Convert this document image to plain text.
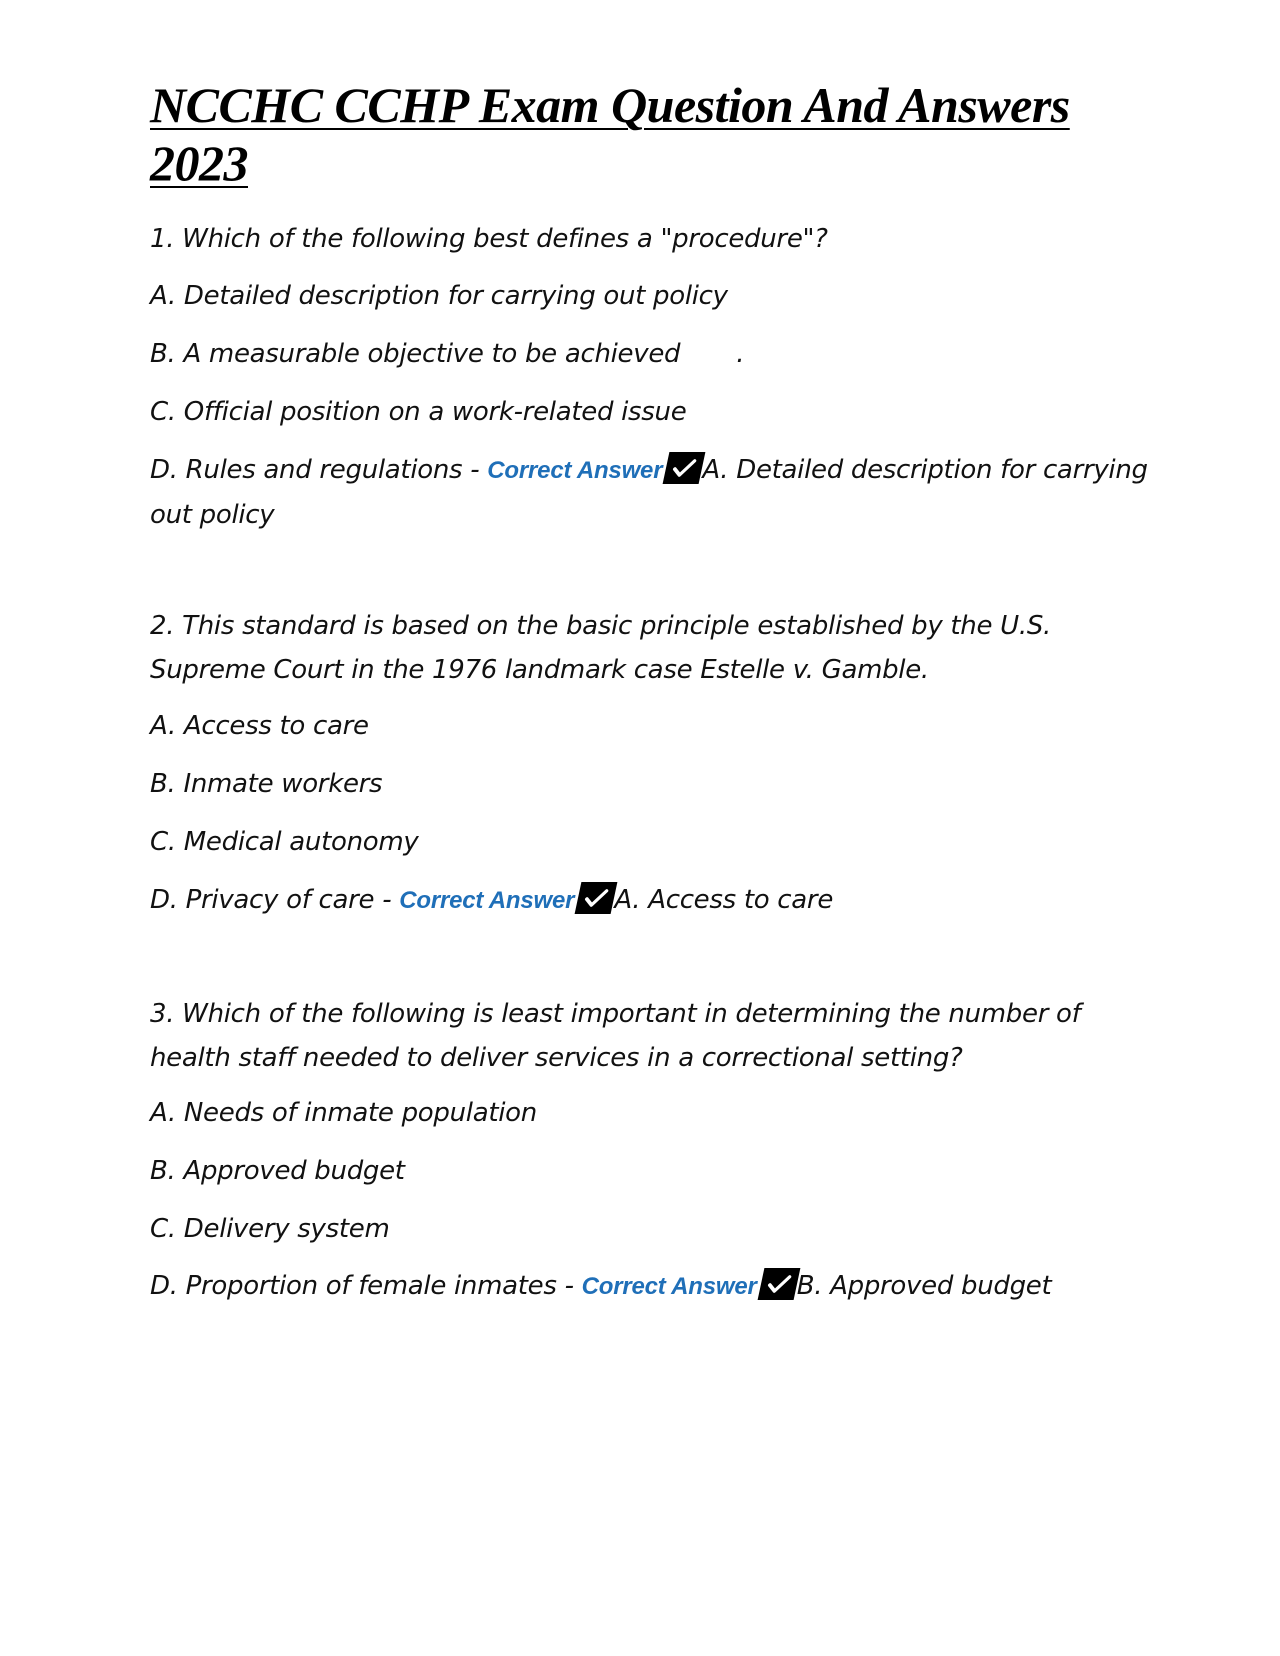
NCCHC CCHP Exam Question And Answers 2023

1. Which of the following best defines a "procedure"?

A. Detailed description for carrying out policy

B. A measurable objective to be achieved .

C. Official position on a work-related issue

D. Rules and regulations - Correct Answer A. Detailed description for carrying out policy

2. This standard is based on the basic principle established by the U.S. Supreme Court in the 1976 landmark case Estelle v. Gamble.

A. Access to care

B. Inmate workers

C. Medical autonomy

D. Privacy of care - Correct Answer A. Access to care

3. Which of the following is least important in determining the number of health staff needed to deliver services in a correctional setting?

A. Needs of inmate population

B. Approved budget

C. Delivery system

D. Proportion of female inmates - Correct Answer B. Approved budget
